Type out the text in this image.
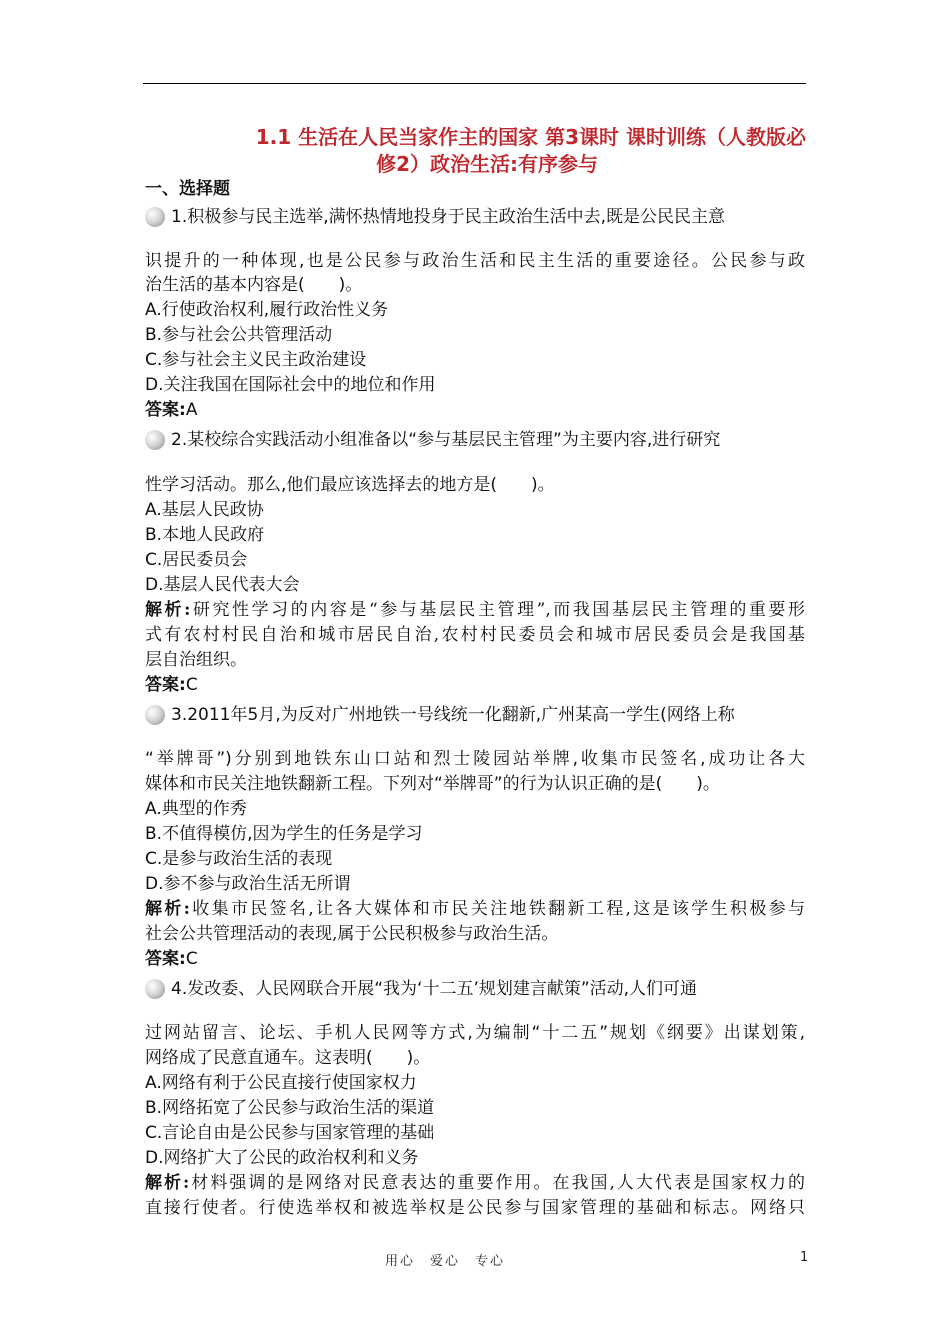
1.1 生活在人民当家作主的国家 第3课时 课时训练（人教版必
修2）政治生活:有序参与
一、选择题
1. 积极参与民主选举,满怀热情地投身于民主政治生活中去,既是公民民主意
识提升的一种体现,也是公民参与政治生活和民主生活的重要途径。公民参与政
治生活的基本内容是(　　)。
A.行使政治权利,履行政治性义务
B.参与社会公共管理活动
C.参与社会主义民主政治建设
D.关注我国在国际社会中的地位和作用
答案:A
2. 某校综合实践活动小组准备以“参与基层民主管理”为主要内容,进行研究
性学习活动。那么,他们最应该选择去的地方是(　　)。
A.基层人民政协
B.本地人民政府
C.居民委员会
D.基层人民代表大会
解析:研究性学习的内容是“参与基层民主管理”,而我国基层民主管理的重要形
式有农村村民自治和城市居民自治,农村村民委员会和城市居民委员会是我国基
层自治组织。
答案:C
3. 2011年5月,为反对广州地铁一号线统一化翻新,广州某高一学生(网络上称
“举牌哥”)分别到地铁东山口站和烈士陵园站举牌,收集市民签名,成功让各大
媒体和市民关注地铁翻新工程。下列对“举牌哥”的行为认识正确的是(　　)。
A.典型的作秀
B.不值得模仿,因为学生的任务是学习
C.是参与政治生活的表现
D.参不参与政治生活无所谓
解析:收集市民签名,让各大媒体和市民关注地铁翻新工程,这是该学生积极参与
社会公共管理活动的表现,属于公民积极参与政治生活。
答案:C
4. 发改委、人民网联合开展“我为‘十二五’规划建言献策”活动,人们可通
过网站留言、论坛、手机人民网等方式,为编制“十二五”规划《纲要》出谋划策,
网络成了民意直通车。这表明(　　)。
A.网络有利于公民直接行使国家权力
B.网络拓宽了公民参与政治生活的渠道
C.言论自由是公民参与国家管理的基础
D.网络扩大了公民的政治权利和义务
解析:材料强调的是网络对民意表达的重要作用。在我国,人大代表是国家权力的
直接行使者。行使选举权和被选举权是公民参与国家管理的基础和标志。网络只
用心　爱心　专心	1
